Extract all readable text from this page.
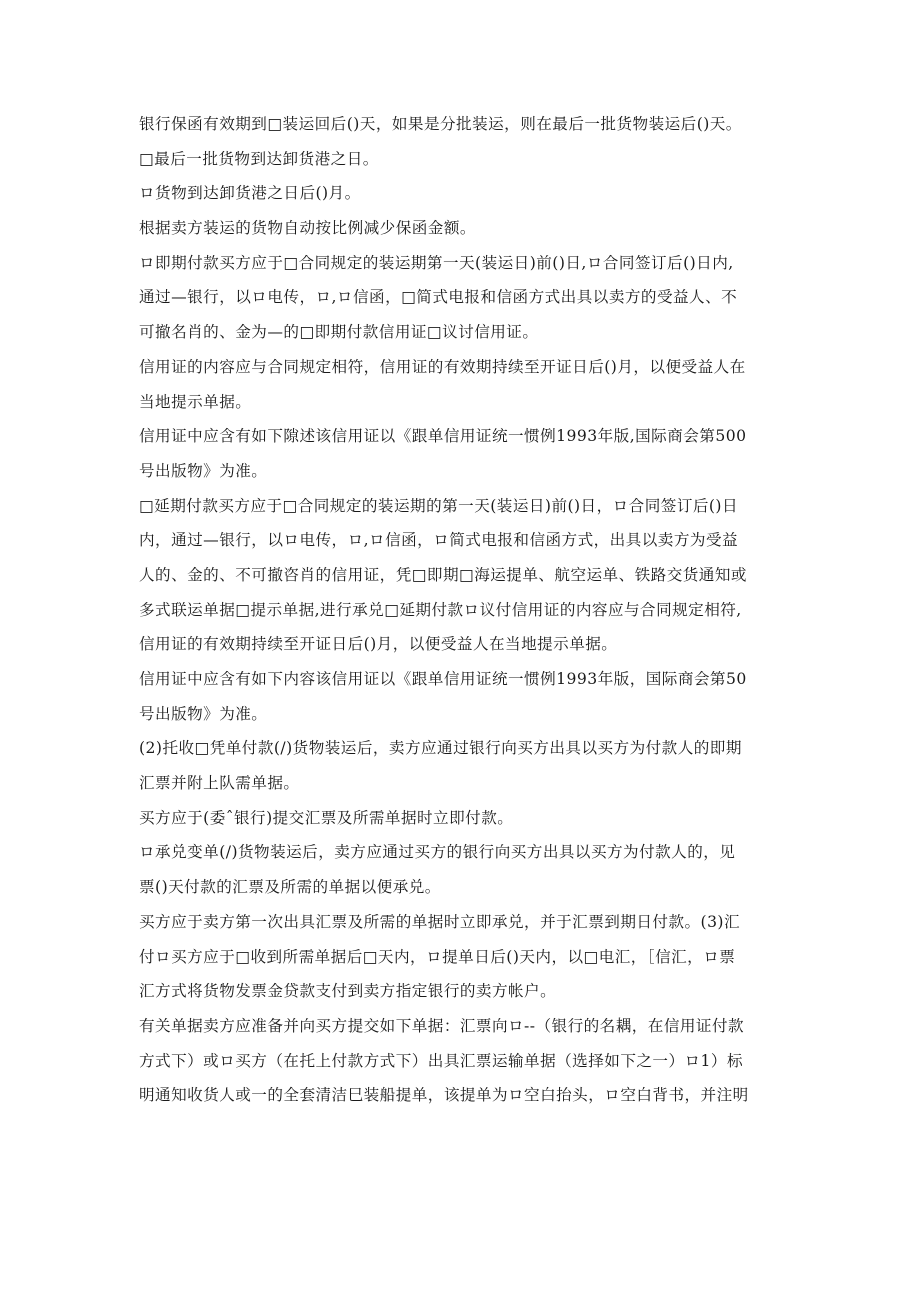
银行保函有效期到□装运回后()天，如果是分批装运，则在最后一批货物装运后()天。
□最后一批货物到达卸货港之日。
ロ货物到达卸货港之日后()月。
根据卖方装运的货物自动按比例减少保函金额。
ロ即期付款买方应于□合同规定的装运期第一天(装运日)前()日,ロ合同签订后()日内,
通过—银行，以ロ电传，ロ,ロ信函，□简式电报和信函方式出具以卖方的受益人、不
可撤名肖的、金为—的□即期付款信用证□议讨信用证。
信用证的内容应与合同规定相符，信用证的有效期持续至开证日后()月，以便受益人在
当地提示单据。
信用证中应含有如下隙述该信用证以《跟单信用证统一惯例1993年版,国际商会第500
号出版物》为准。
□延期付款买方应于□合同规定的装运期的第一天(装运日)前()日，ロ合同签订后()日
内，通过—银行，以ロ电传，ロ,ロ信函，ロ简式电报和信函方式，出具以卖方为受益
人的、金的、不可撤咨肖的信用证，凭□即期□海运提单、航空运单、铁路交货通知或
多式联运单据□提示单据,进行承兑□延期付款ロ议付信用证的内容应与合同规定相符,
信用证的有效期持续至开证日后()月，以便受益人在当地提示单据。
信用证中应含有如下内容该信用证以《跟单信用证统一惯例1993年版，国际商会第50
号出版物》为准。
(2)托收□凭单付款(/)货物装运后，卖方应通过银行向买方出具以买方为付款人的即期
汇票并附上队需单据。
买方应于(委ˆ银行)提交汇票及所需单据时立即付款。
ロ承兑变单(/)货物装运后，卖方应通过买方的银行向买方出具以买方为付款人的，见
票()天付款的汇票及所需的单据以便承兑。
买方应于卖方第一次出具汇票及所需的单据时立即承兑，并于汇票到期日付款。(3)汇
付ロ买方应于□收到所需单据后□天内，ロ提单日后()天内，以□电汇，［信汇，ロ票
汇方式将货物发票金贷款支付到卖方指定银行的卖方帐户。
有关单据卖方应准备并向买方提交如下单据：汇票向ロ--（银行的名耦，在信用证付款
方式下）或ロ买方（在托上付款方式下）出具汇票运输单据（选择如下之一）ロ1）标
明通知收货人或一的全套清洁巳装船提单，该提单为ロ空白抬头，ロ空白背书，并注明
